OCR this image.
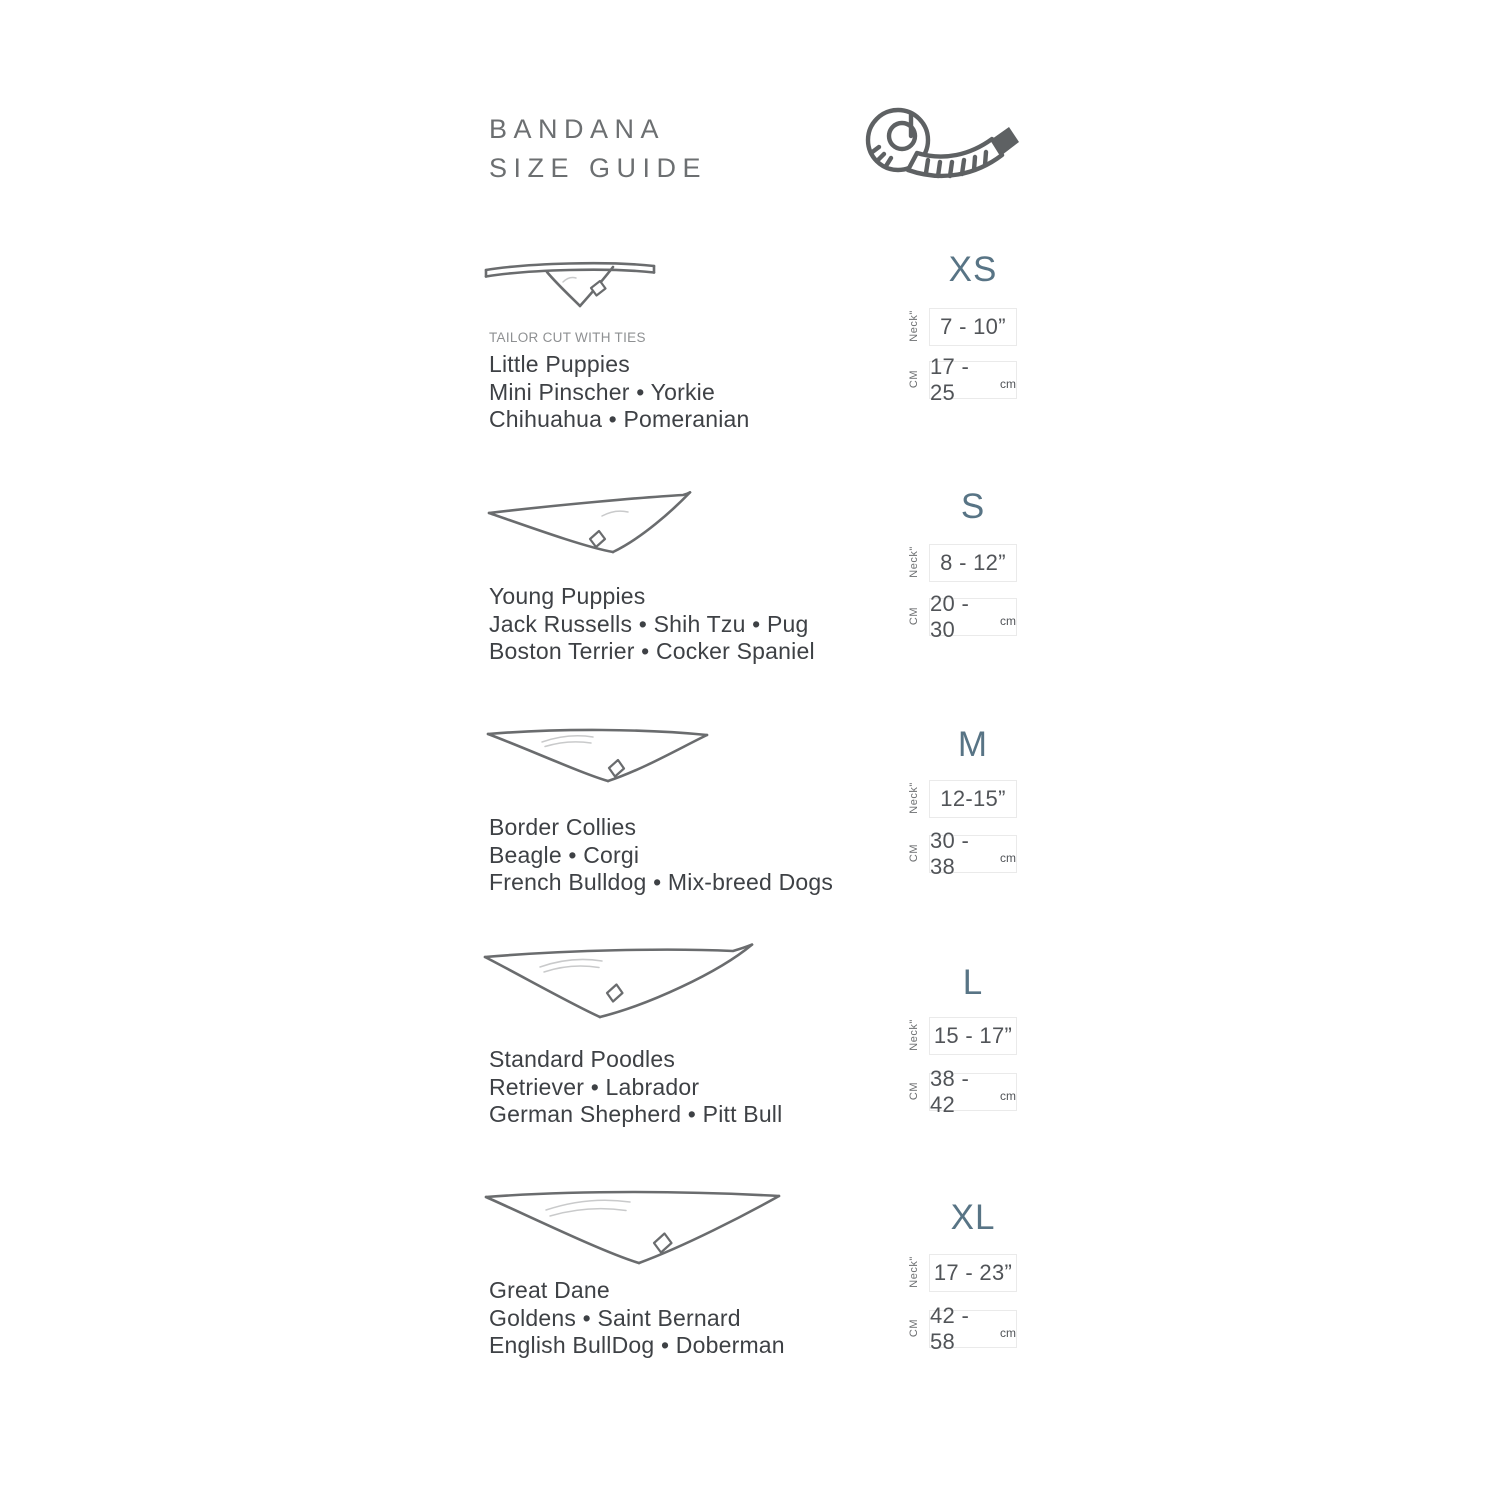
BANDANA
SIZE GUIDE
TAILOR CUT WITH TIES
Little Puppies
Mini Pinscher • Yorkie
Chihuahua • Pomeranian
XS
Neck" 7 - 10”
CM
17 - 25	cm
Young Puppies
Jack Russells • Shih Tzu • Pug
Boston Terrier • Cocker Spaniel
S
Neck" 8 - 12”
CM
20 - 30	cm
Border Collies
Beagle • Corgi
French Bulldog • Mix-breed Dogs
M
Neck" 12-15”
CM
30 - 38	cm
Standard Poodles
Retriever • Labrador
German Shepherd • Pitt Bull
L
Neck" 15 - 17”
CM
38 - 42	cm
Great Dane
Goldens • Saint Bernard
English BullDog • Doberman
XL
Neck" 17 - 23”
CM
42 - 58	cm
